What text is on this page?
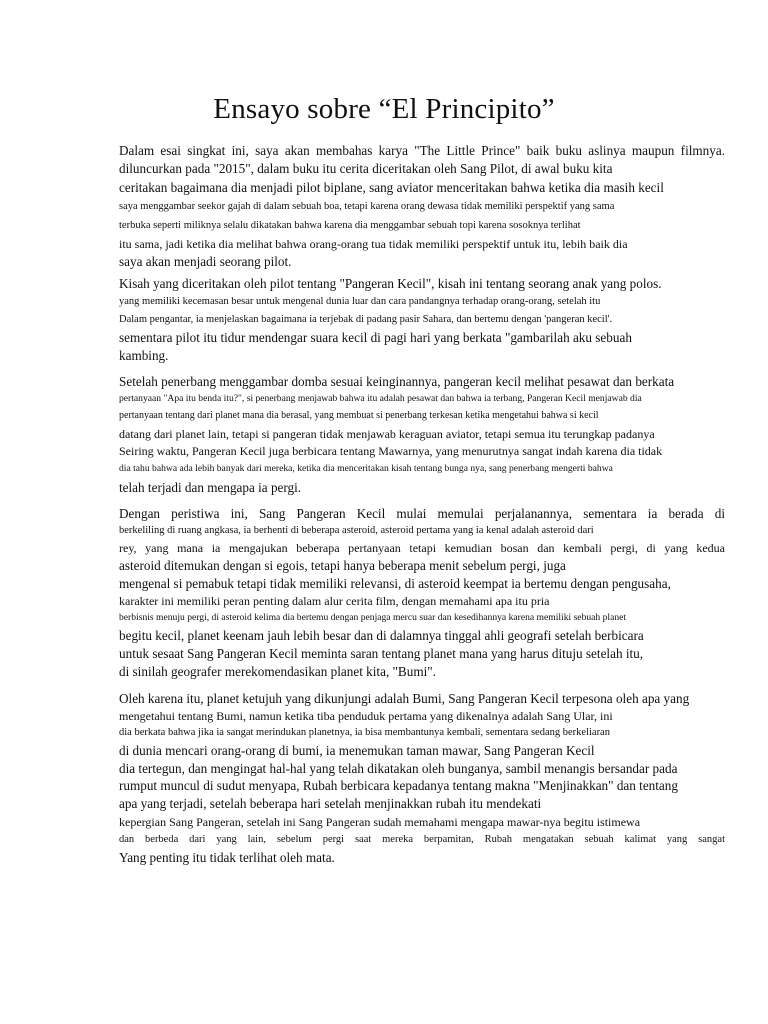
Ensayo sobre “El Principito”
Dalam esai singkat ini, saya akan membahas karya "The Little Prince" baik buku aslinya maupun filmnya.
diluncurkan pada "2015", dalam buku itu cerita diceritakan oleh Sang Pilot, di awal buku kita
ceritakan bagaimana dia menjadi pilot biplane, sang aviator menceritakan bahwa ketika dia masih kecil
saya menggambar seekor gajah di dalam sebuah boa, tetapi karena orang dewasa tidak memiliki perspektif yang sama
terbuka seperti miliknya selalu dikatakan bahwa karena dia menggambar sebuah topi karena sosoknya terlihat
itu sama, jadi ketika dia melihat bahwa orang-orang tua tidak memiliki perspektif untuk itu, lebih baik dia
saya akan menjadi seorang pilot.
Kisah yang diceritakan oleh pilot tentang "Pangeran Kecil", kisah ini tentang seorang anak yang polos.
yang memiliki kecemasan besar untuk mengenal dunia luar dan cara pandangnya terhadap orang-orang, setelah itu
Dalam pengantar, ia menjelaskan bagaimana ia terjebak di padang pasir Sahara, dan bertemu dengan 'pangeran kecil'.
sementara pilot itu tidur mendengar suara kecil di pagi hari yang berkata "gambarilah aku sebuah
kambing.
Setelah penerbang menggambar domba sesuai keinginannya, pangeran kecil melihat pesawat dan berkata
pertanyaan "Apa itu benda itu?", si penerbang menjawab bahwa itu adalah pesawat dan bahwa ia terbang, Pangeran Kecil menjawab dia
pertanyaan tentang dari planet mana dia berasal, yang membuat si penerbang terkesan ketika mengetahui bahwa si kecil
datang dari planet lain, tetapi si pangeran tidak menjawab keraguan aviator, tetapi semua itu terungkap padanya
Seiring waktu, Pangeran Kecil juga berbicara tentang Mawarnya, yang menurutnya sangat indah karena dia tidak
dia tahu bahwa ada lebih banyak dari mereka, ketika dia menceritakan kisah tentang bunga nya, sang penerbang mengerti bahwa
telah terjadi dan mengapa ia pergi.
Dengan peristiwa ini, Sang Pangeran Kecil mulai memulai perjalanannya, sementara ia berada di
berkeliling di ruang angkasa, ia berhenti di beberapa asteroid, asteroid pertama yang ia kenal adalah asteroid dari
rey, yang mana ia mengajukan beberapa pertanyaan tetapi kemudian bosan dan kembali pergi, di yang kedua
asteroid ditemukan dengan si egois, tetapi hanya beberapa menit sebelum pergi, juga
mengenal si pemabuk tetapi tidak memiliki relevansi, di asteroid keempat ia bertemu dengan pengusaha,
karakter ini memiliki peran penting dalam alur cerita film, dengan memahami apa itu pria
berbisnis menuju pergi, di asteroid kelima dia bertemu dengan penjaga mercu suar dan kesedihannya karena memiliki sebuah planet
begitu kecil, planet keenam jauh lebih besar dan di dalamnya tinggal ahli geografi setelah berbicara
untuk sesaat Sang Pangeran Kecil meminta saran tentang planet mana yang harus dituju setelah itu,
di sinilah geografer merekomendasikan planet kita, "Bumi".
Oleh karena itu, planet ketujuh yang dikunjungi adalah Bumi, Sang Pangeran Kecil terpesona oleh apa yang
mengetahui tentang Bumi, namun ketika tiba penduduk pertama yang dikenalnya adalah Sang Ular, ini
dia berkata bahwa jika ia sangat merindukan planetnya, ia bisa membantunya kembali, sementara sedang berkeliaran
di dunia mencari orang-orang di bumi, ia menemukan taman mawar, Sang Pangeran Kecil
dia tertegun, dan mengingat hal-hal yang telah dikatakan oleh bunganya, sambil menangis bersandar pada
rumput muncul di sudut menyapa, Rubah berbicara kepadanya tentang makna "Menjinakkan" dan tentang
apa yang terjadi, setelah beberapa hari setelah menjinakkan rubah itu mendekati
kepergian Sang Pangeran, setelah ini Sang Pangeran sudah memahami mengapa mawar-nya begitu istimewa
dan berbeda dari yang lain, sebelum pergi saat mereka berpamitan, Rubah mengatakan sebuah kalimat yang sangat
Yang penting itu tidak terlihat oleh mata.
